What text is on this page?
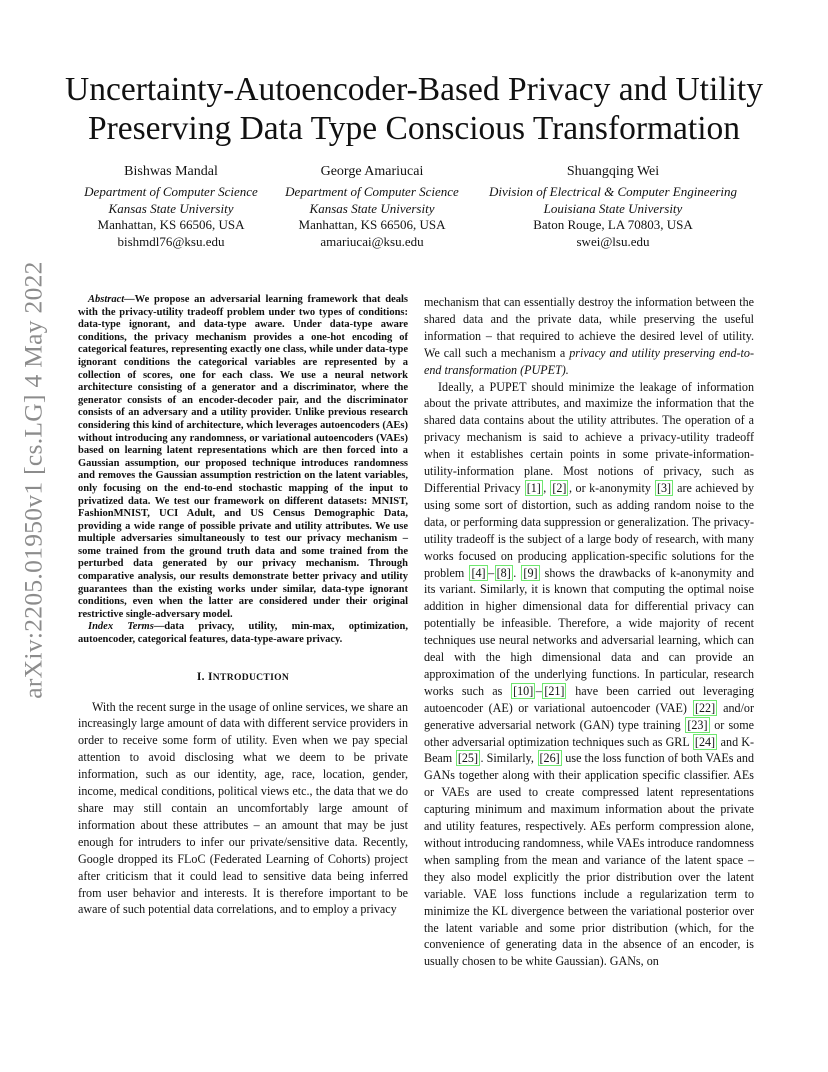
arXiv:2205.01950v1 [cs.LG] 4 May 2022
Uncertainty-Autoencoder-Based Privacy and Utility
Preserving Data Type Conscious Transformation
Bishwas Mandal
Department of Computer Science
Kansas State University
Manhattan, KS 66506, USA
bishmdl76@ksu.edu
George Amariucai
Department of Computer Science
Kansas State University
Manhattan, KS 66506, USA
amariucai@ksu.edu
Shuangqing Wei
Division of Electrical & Computer Engineering
Louisiana State University
Baton Rouge, LA 70803, USA
swei@lsu.edu

Abstract—We propose an adversarial learning framework that deals with the privacy-utility tradeoff problem under two types of conditions: data-type ignorant, and data-type aware. Under data-type aware conditions, the privacy mechanism provides a one-hot encoding of categorical features, representing exactly one class, while under data-type ignorant conditions the categorical variables are represented by a collection of scores, one for each class. We use a neural network architecture consisting of a generator and a discriminator, where the generator consists of an encoder-decoder pair, and the discriminator consists of an adversary and a utility provider. Unlike previous research considering this kind of architecture, which leverages autoencoders (AEs) without introducing any randomness, or variational autoencoders (VAEs) based on learning latent representations which are then forced into a Gaussian assumption, our proposed technique introduces randomness and removes the Gaussian assumption restriction on the latent variables, only focusing on the end-to-end stochastic mapping of the input to privatized data. We test our framework on different datasets: MNIST, FashionMNIST, UCI Adult, and US Census Demographic Data, providing a wide range of possible private and utility attributes. We use multiple adversaries simultaneously to test our privacy mechanism – some trained from the ground truth data and some trained from the perturbed data generated by our privacy mechanism. Through comparative analysis, our results demonstrate better privacy and utility guarantees than the existing works under similar, data-type ignorant conditions, even when the latter are considered under their original restrictive single-adversary model.

Index Terms—data privacy, utility, min-max, optimization, autoencoder, categorical features, data-type-aware privacy.

I. INTRODUCTION

With the recent surge in the usage of online services, we share an increasingly large amount of data with different service providers in order to receive some form of utility. Even when we pay special attention to avoid disclosing what we deem to be private information, such as our identity, age, race, location, gender, income, medical conditions, political views etc., the data that we do share may still contain an uncomfortably large amount of information about these attributes – an amount that may be just enough for intruders to infer our private/sensitive data. Recently, Google dropped its FLoC (Federated Learning of Cohorts) project after criticism that it could lead to sensitive data being inferred from user behavior and interests. It is therefore important to be aware of such potential data correlations, and to employ a privacy

mechanism that can essentially destroy the information between the shared data and the private data, while preserving the useful information – that required to achieve the desired level of utility. We call such a mechanism a privacy and utility preserving end-to-end transformation (PUPET).

Ideally, a PUPET should minimize the leakage of information about the private attributes, and maximize the information that the shared data contains about the utility attributes. The operation of a privacy mechanism is said to achieve a privacy-utility tradeoff when it establishes certain points in some private-information-utility-information plane. Most notions of privacy, such as Differential Privacy [1] , [2] , or k-anonymity [3] are achieved by using some sort of distortion, such as adding random noise to the data, or performing data suppression or generalization. The privacy-utility tradeoff is the subject of a large body of research, with many works focused on producing application-specific solutions for the problem [4] – [8] . [9] shows the drawbacks of k-anonymity and its variant. Similarly, it is known that computing the optimal noise addition in higher dimensional data for differential privacy can potentially be infeasible. Therefore, a wide majority of recent techniques use neural networks and adversarial learning, which can deal with the high dimensional data and can provide an approximation of the underlying functions. In particular, research works such as [10] – [21] have been carried out leveraging autoencoder (AE) or variational autoencoder (VAE) [22] and/or generative adversarial network (GAN) type training [23] or some other adversarial optimization techniques such as GRL [24] and K-Beam [25] . Similarly, [26] use the loss function of both VAEs and GANs together along with their application specific classifier. AEs or VAEs are used to create compressed latent representations capturing minimum and maximum information about the private and utility features, respectively. AEs perform compression alone, without introducing randomness, while VAEs introduce randomness when sampling from the mean and variance of the latent space – they also model explicitly the prior distribution over the latent variable. VAE loss functions include a regularization term to minimize the KL divergence between the variational posterior over the latent variable and some prior distribution (which, for the convenience of generating data in the absence of an encoder, is usually chosen to be white Gaussian). GANs, on
